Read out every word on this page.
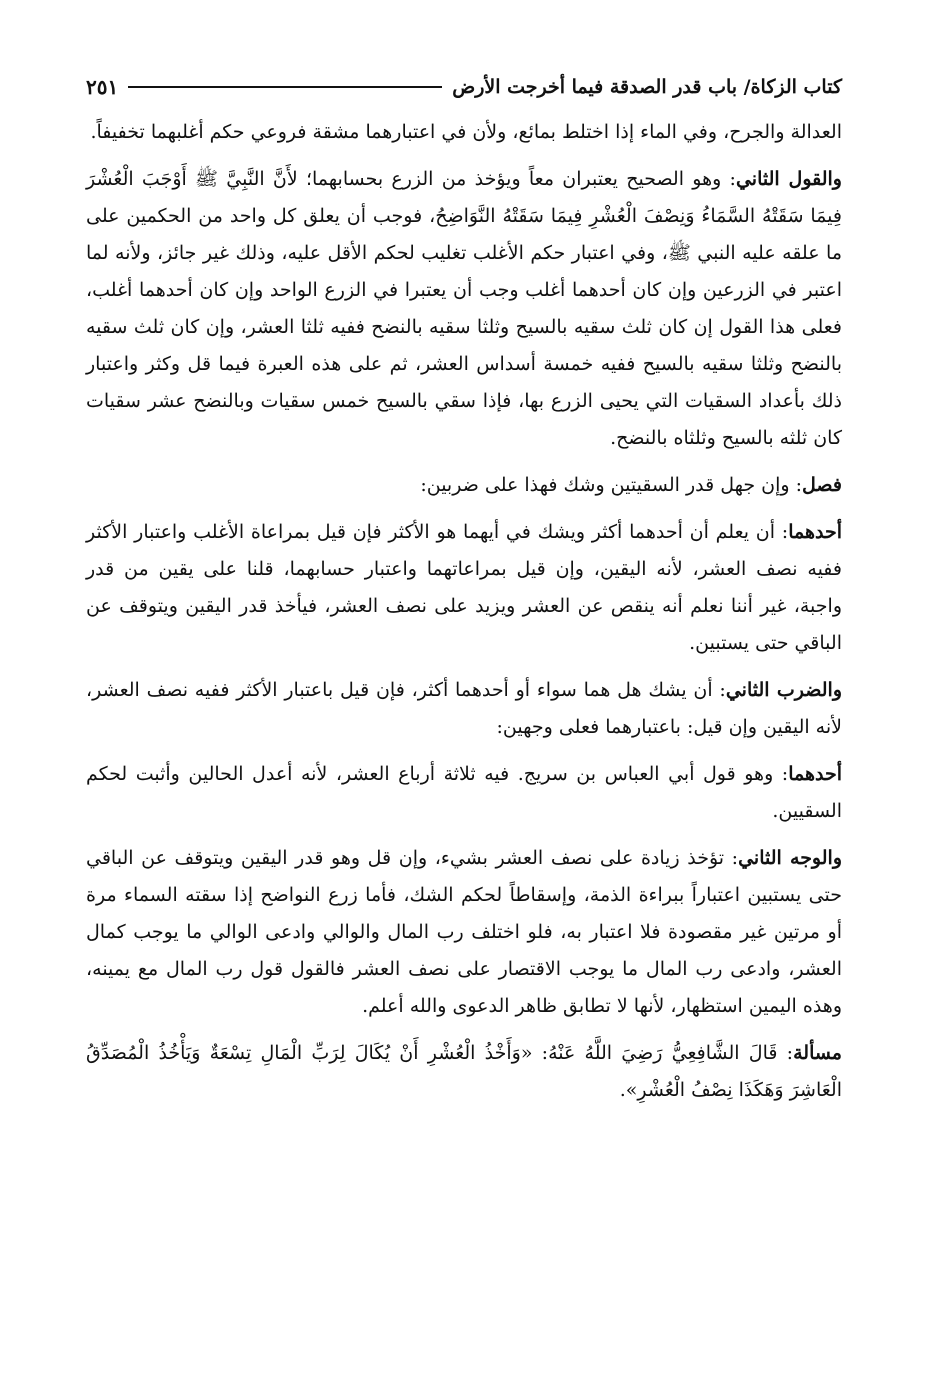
كتاب الزكاة/ باب قدر الصدقة فيما أخرجت الأرض
٢٥١

العدالة والجرح، وفي الماء إذا اختلط بمائع، ولأن في اعتبارهما مشقة فروعي حكم أغلبهما تخفيفاً.

والقول الثاني: وهو الصحيح يعتبران معاً ويؤخذ من الزرع بحسابهما؛ لأَنَّ النَّبِيَّ ﷺ أَوْجَبَ الْعُشْرَ فِيمَا سَقَتْهُ السَّمَاءُ وَنِصْفَ الْعُشْرِ فِيمَا سَقَتْهُ النَّوَاضِحُ، فوجب أن يعلق كل واحد من الحكمين على ما علقه عليه النبي ﷺ، وفي اعتبار حكم الأغلب تغليب لحكم الأقل عليه، وذلك غير جائز، ولأنه لما اعتبر في الزرعين وإن كان أحدهما أغلب وجب أن يعتبرا في الزرع الواحد وإن كان أحدهما أغلب، فعلى هذا القول إن كان ثلث سقيه بالسيح وثلثا سقيه بالنضح ففيه ثلثا العشر، وإن كان ثلث سقيه بالنضح وثلثا سقيه بالسيح ففيه خمسة أسداس العشر، ثم على هذه العبرة فيما قل وكثر واعتبار ذلك بأعداد السقيات التي يحيى الزرع بها، فإذا سقي بالسيح خمس سقيات وبالنضح عشر سقيات كان ثلثه بالسيح وثلثاه بالنضح.

فصل: وإن جهل قدر السقيتين وشك فهذا على ضربين:

أحدهما: أن يعلم أن أحدهما أكثر ويشك في أيهما هو الأكثر فإن قيل بمراعاة الأغلب واعتبار الأكثر ففيه نصف العشر، لأنه اليقين، وإن قيل بمراعاتهما واعتبار حسابهما، قلنا على يقين من قدر واجبة، غير أننا نعلم أنه ينقص عن العشر ويزيد على نصف العشر، فيأخذ قدر اليقين ويتوقف عن الباقي حتى يستبين.

والضرب الثاني: أن يشك هل هما سواء أو أحدهما أكثر، فإن قيل باعتبار الأكثر ففيه نصف العشر، لأنه اليقين وإن قيل: باعتبارهما فعلى وجهين:

أحدهما: وهو قول أبي العباس بن سريج. فيه ثلاثة أرباع العشر، لأنه أعدل الحالين وأثبت لحكم السقيين.

والوجه الثاني: تؤخذ زيادة على نصف العشر بشيء، وإن قل وهو قدر اليقين ويتوقف عن الباقي حتى يستبين اعتباراً ببراءة الذمة، وإسقاطاً لحكم الشك، فأما زرع النواضح إذا سقته السماء مرة أو مرتين غير مقصودة فلا اعتبار به، فلو اختلف رب المال والوالي وادعى الوالي ما يوجب كمال العشر، وادعى رب المال ما يوجب الاقتصار على نصف العشر فالقول قول رب المال مع يمينه، وهذه اليمين استظهار، لأنها لا تطابق ظاهر الدعوى والله أعلم.

مسألة: قَالَ الشَّافِعِيُّ رَضِيَ اللَّهُ عَنْهُ: «وَأَخْذُ الْعُشْرِ أَنْ يُكَالَ لِرَبِّ الْمَالِ تِسْعَةٌ وَيَأْخُذُ الْمُصَدِّقُ الْعَاشِرَ وَهَكَذَا نِصْفُ الْعُشْرِ».
